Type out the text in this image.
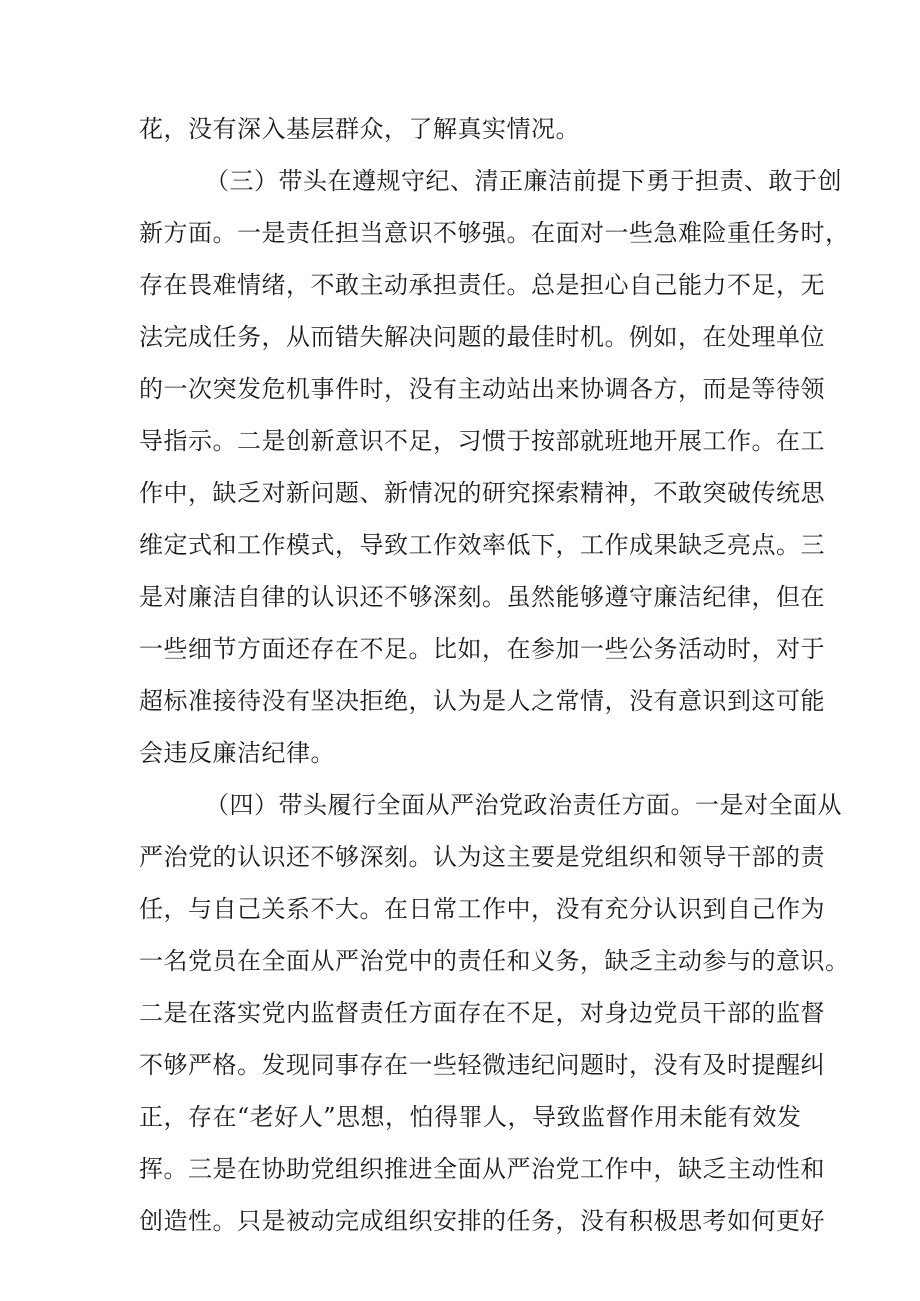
花，没有深入基层群众，了解真实情况。
（三）带头在遵规守纪、清正廉洁前提下勇于担责、敢于创
新方面。一是责任担当意识不够强。在面对一些急难险重任务时，
存在畏难情绪，不敢主动承担责任。总是担心自己能力不足，无
法完成任务，从而错失解决问题的最佳时机。例如，在处理单位
的一次突发危机事件时，没有主动站出来协调各方，而是等待领
导指示。二是创新意识不足，习惯于按部就班地开展工作。在工
作中，缺乏对新问题、新情况的研究探索精神，不敢突破传统思
维定式和工作模式，导致工作效率低下，工作成果缺乏亮点。三
是对廉洁自律的认识还不够深刻。虽然能够遵守廉洁纪律，但在
一些细节方面还存在不足。比如，在参加一些公务活动时，对于
超标准接待没有坚决拒绝，认为是人之常情，没有意识到这可能
会违反廉洁纪律。
（四）带头履行全面从严治党政治责任方面。一是对全面从
严治党的认识还不够深刻。认为这主要是党组织和领导干部的责
任，与自己关系不大。在日常工作中，没有充分认识到自己作为
一名党员在全面从严治党中的责任和义务，缺乏主动参与的意识。
二是在落实党内监督责任方面存在不足，对身边党员干部的监督
不够严格。发现同事存在一些轻微违纪问题时，没有及时提醒纠
正，存在“老好人”思想，怕得罪人，导致监督作用未能有效发
挥。三是在协助党组织推进全面从严治党工作中，缺乏主动性和
创造性。只是被动完成组织安排的任务，没有积极思考如何更好
